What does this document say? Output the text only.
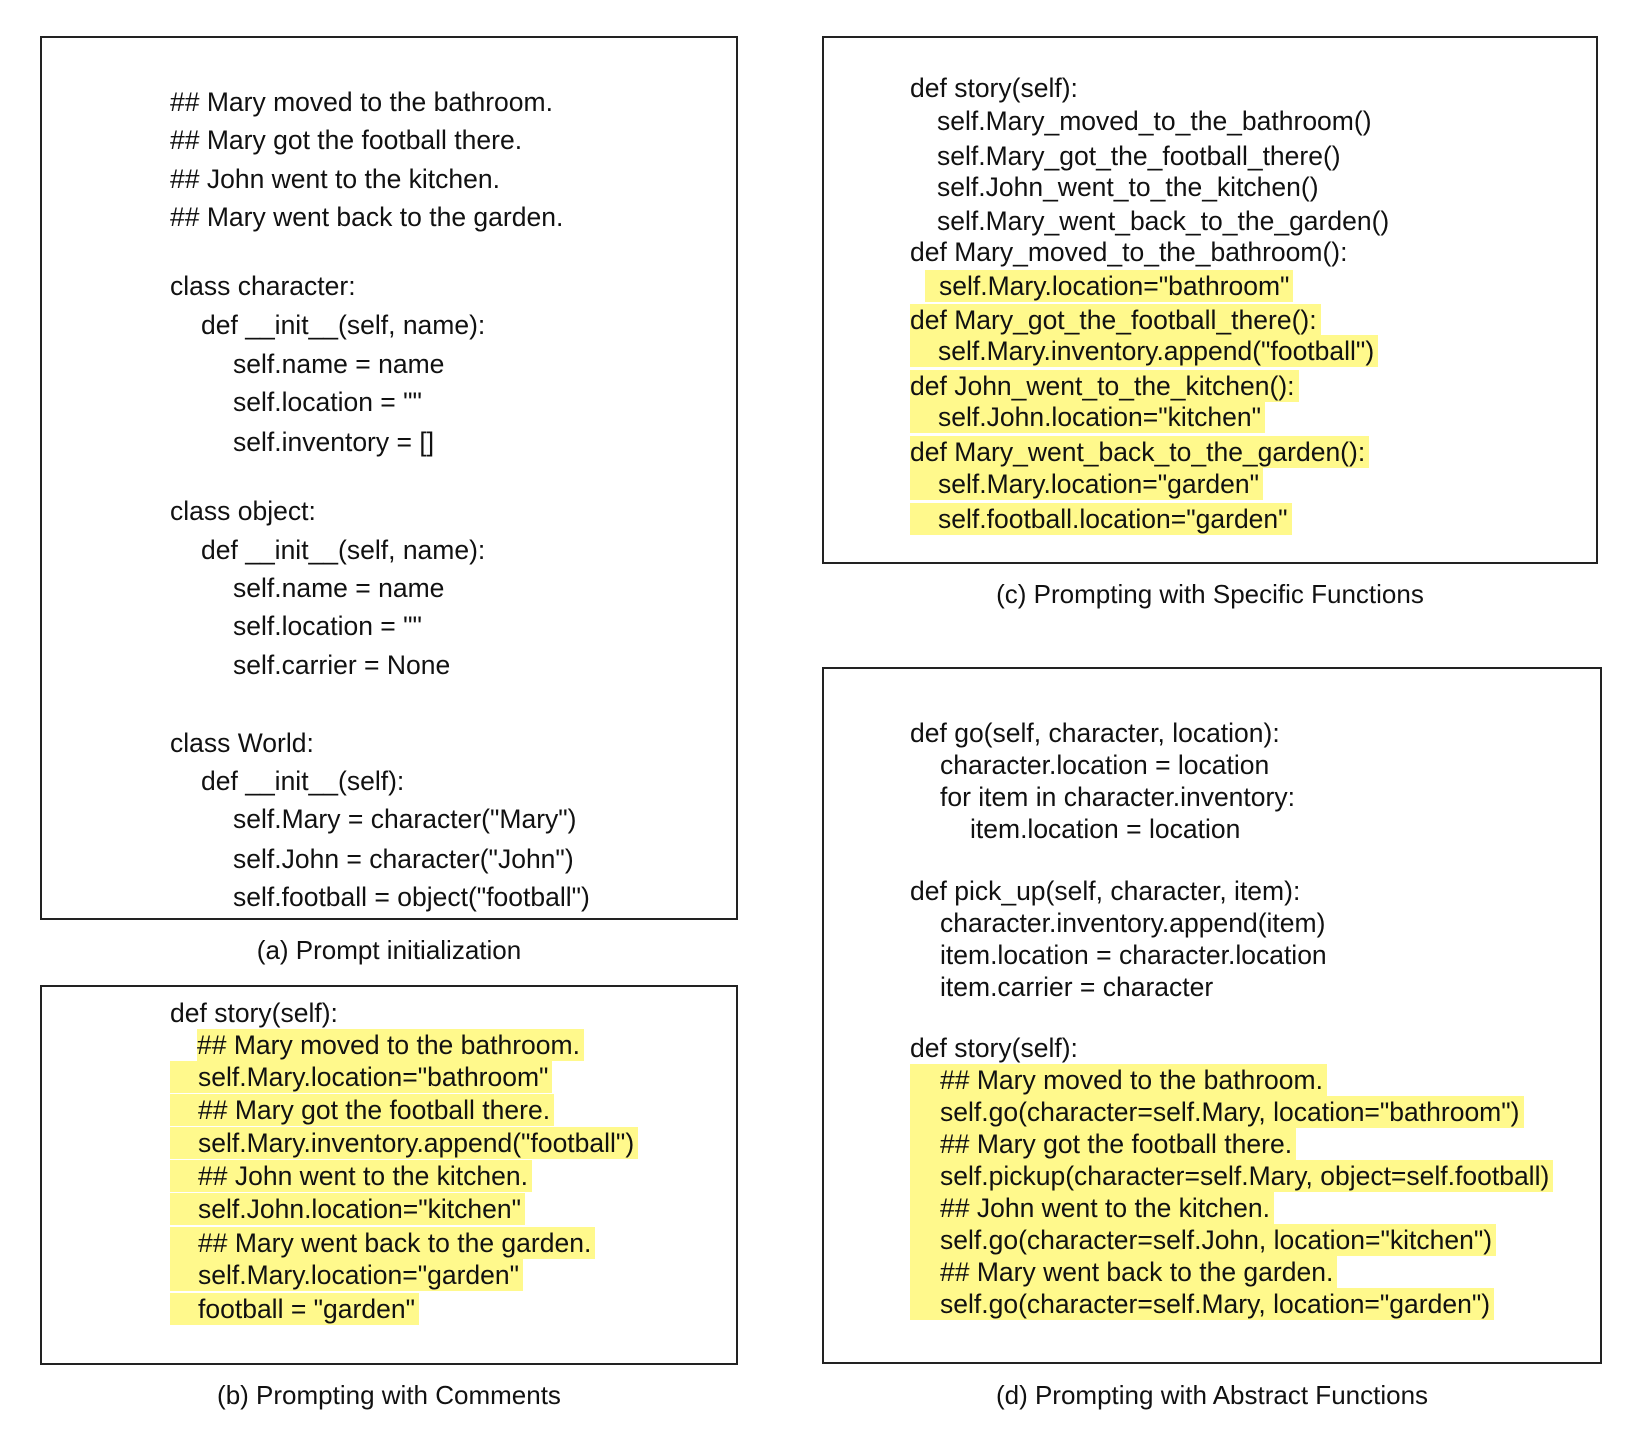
## Mary moved to the bathroom.
## Mary got the football there.
## John went to the kitchen.
## Mary went back to the garden.
class character:
def __init__(self, name):
self.name = name
self.location = ""
self.inventory = []
class object:
def __init__(self, name):
self.name = name
self.location = ""
self.carrier = None
class World:
def __init__(self):
self.Mary = character("Mary")
self.John = character("John")
self.football = object("football")
(a) Prompt initialization
def story(self):
## Mary moved to the bathroom.
self.Mary.location="bathroom"
## Mary got the football there.
self.Mary.inventory.append("football")
## John went to the kitchen.
self.John.location="kitchen"
## Mary went back to the garden.
self.Mary.location="garden"
football = "garden"
(b) Prompting with Comments
def story(self):
self.Mary_moved_to_the_bathroom()
self.Mary_got_the_football_there()
self.John_went_to_the_kitchen()
self.Mary_went_back_to_the_garden()
def Mary_moved_to_the_bathroom():
self.Mary.location="bathroom"
def Mary_got_the_football_there():
self.Mary.inventory.append("football")
def John_went_to_the_kitchen():
self.John.location="kitchen"
def Mary_went_back_to_the_garden():
self.Mary.location="garden"
self.football.location="garden"
(c) Prompting with Specific Functions
def go(self, character, location):
character.location = location
for item in character.inventory:
item.location = location
def pick_up(self, character, item):
character.inventory.append(item)
item.location = character.location
item.carrier = character
def story(self):
## Mary moved to the bathroom.
self.go(character=self.Mary, location="bathroom")
## Mary got the football there.
self.pickup(character=self.Mary, object=self.football)
## John went to the kitchen.
self.go(character=self.John, location="kitchen")
## Mary went back to the garden.
self.go(character=self.Mary, location="garden")
(d) Prompting with Abstract Functions
